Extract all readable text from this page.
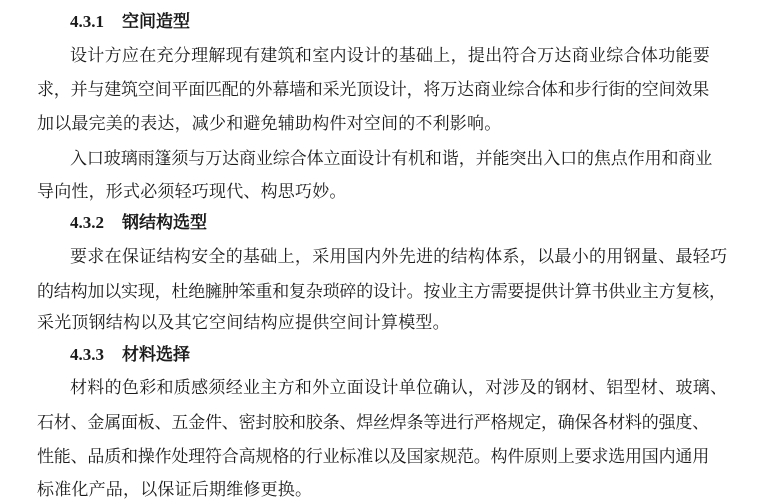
4.3.1 空间造型
设计方应在充分理解现有建筑和室内设计的基础上，提出符合万达商业综合体功能要
求，并与建筑空间平面匹配的外幕墙和采光顶设计，将万达商业综合体和步行街的空间效果
加以最完美的表达，减少和避免辅助构件对空间的不利影响。
入口玻璃雨篷须与万达商业综合体立面设计有机和谐，并能突出入口的焦点作用和商业
导向性，形式必须轻巧现代、构思巧妙。
4.3.2 钢结构选型
要求在保证结构安全的基础上，采用国内外先进的结构体系，以最小的用钢量、最轻巧
的结构加以实现，杜绝臃肿笨重和复杂琐碎的设计。按业主方需要提供计算书供业主方复核，
采光顶钢结构以及其它空间结构应提供空间计算模型。
4.3.3 材料选择
材料的色彩和质感须经业主方和外立面设计单位确认，对涉及的钢材、铝型材、玻璃、
石材、金属面板、五金件、密封胶和胶条、焊丝焊条等进行严格规定，确保各材料的强度、
性能、品质和操作处理符合高规格的行业标准以及国家规范。构件原则上要求选用国内通用
标准化产品，以保证后期维修更换。
